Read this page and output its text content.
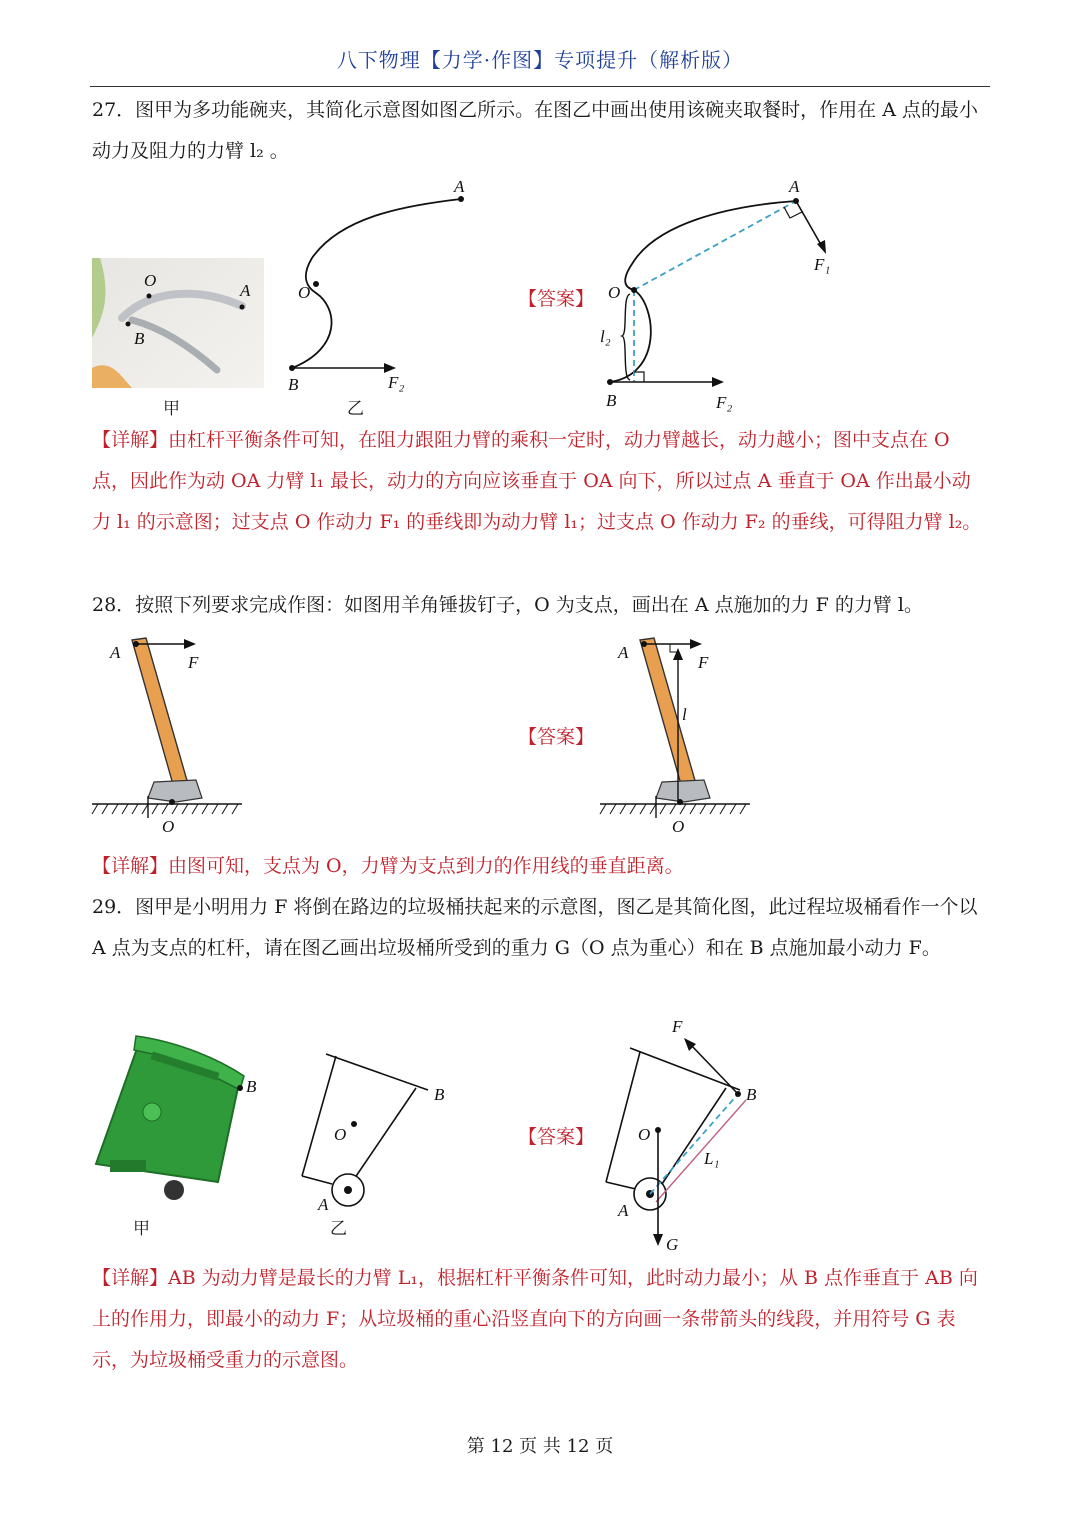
八下物理【力学·作图】专项提升（解析版）
27．图甲为多功能碗夹，其简化示意图如图乙所示。在图乙中画出使用该碗夹取餐时，作用在 A 点的最小动力及阻力的力臂 l₂ 。
O
A
B
甲
A
O
B	F₂
乙
【答案】
A
F₁
O
l₂
B	F₂
【详解】由杠杆平衡条件可知，在阻力跟阻力臂的乘积一定时，动力臂越长，动力越小；图中支点在 O 点，因此作为动 OA 力臂 l₁ 最长，动力的方向应该垂直于 OA 向下，所以过点 A 垂直于 OA 作出最小动力 l₁ 的示意图；过支点 O 作动力 F₁ 的垂线即为动力臂 l₁；过支点 O 作动力 F₂ 的垂线，可得阻力臂 l₂。
28．按照下列要求完成作图：如图用羊角锤拔钉子，O 为支点，画出在 A 点施加的力 F 的力臂 l。
A
F
O
【答案】
A
F
l
O
【详解】由图可知，支点为 O，力臂为支点到力的作用线的垂直距离。
29．图甲是小明用力 F 将倒在路边的垃圾桶扶起来的示意图，图乙是其简化图，此过程垃圾桶看作一个以 A 点为支点的杠杆，请在图乙画出垃圾桶所受到的重力 G（O 点为重心）和在 B 点施加最小动力 F。
B
甲
O
B
A
乙
【答案】
F
B
O
L₁
A
G
【详解】AB 为动力臂是最长的力臂 L₁，根据杠杆平衡条件可知，此时动力最小；从 B 点作垂直于 AB 向上的作用力，即最小的动力 F；从垃圾桶的重心沿竖直向下的方向画一条带箭头的线段，并用符号 G 表示，为垃圾桶受重力的示意图。
第 12 页 共 12 页
